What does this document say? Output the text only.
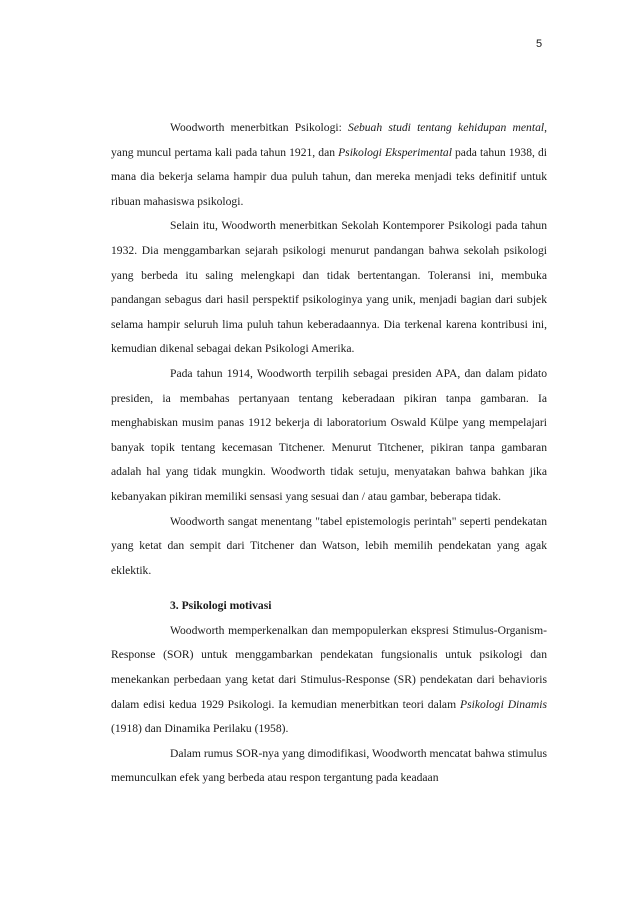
5

Woodworth menerbitkan Psikologi: Sebuah studi tentang kehidupan mental, yang muncul pertama kali pada tahun 1921, dan Psikologi Eksperimental pada tahun 1938, di mana dia bekerja selama hampir dua puluh tahun, dan mereka menjadi teks definitif untuk ribuan mahasiswa psikologi.

Selain itu, Woodworth menerbitkan Sekolah Kontemporer Psikologi pada tahun 1932. Dia menggambarkan sejarah psikologi menurut pandangan bahwa sekolah psikologi yang berbeda itu saling melengkapi dan tidak bertentangan. Toleransi ini, membuka pandangan sebagus dari hasil perspektif psikologinya yang unik, menjadi bagian dari subjek selama hampir seluruh lima puluh tahun keberadaannya. Dia terkenal karena kontribusi ini, kemudian dikenal sebagai dekan Psikologi Amerika.

Pada tahun 1914, Woodworth terpilih sebagai presiden APA, dan dalam pidato presiden, ia membahas pertanyaan tentang keberadaan pikiran tanpa gambaran. Ia menghabiskan musim panas 1912 bekerja di laboratorium Oswald Külpe yang mempelajari banyak topik tentang kecemasan Titchener. Menurut Titchener, pikiran tanpa gambaran adalah hal yang tidak mungkin. Woodworth tidak setuju, menyatakan bahwa bahkan jika kebanyakan pikiran memiliki sensasi yang sesuai dan / atau gambar, beberapa tidak.

Woodworth sangat menentang "tabel epistemologis perintah" seperti pendekatan yang ketat dan sempit dari Titchener dan Watson, lebih memilih pendekatan yang agak eklektik.

3. Psikologi motivasi

Woodworth memperkenalkan dan mempopulerkan ekspresi Stimulus-Organism-Response (SOR) untuk menggambarkan pendekatan fungsionalis untuk psikologi dan menekankan perbedaan yang ketat dari Stimulus-Response (SR) pendekatan dari behavioris dalam edisi kedua 1929 Psikologi. Ia kemudian menerbitkan teori dalam Psikologi Dinamis (1918) dan Dinamika Perilaku (1958).

Dalam rumus SOR-nya yang dimodifikasi, Woodworth mencatat bahwa stimulus memunculkan efek yang berbeda atau respon tergantung pada keadaan
